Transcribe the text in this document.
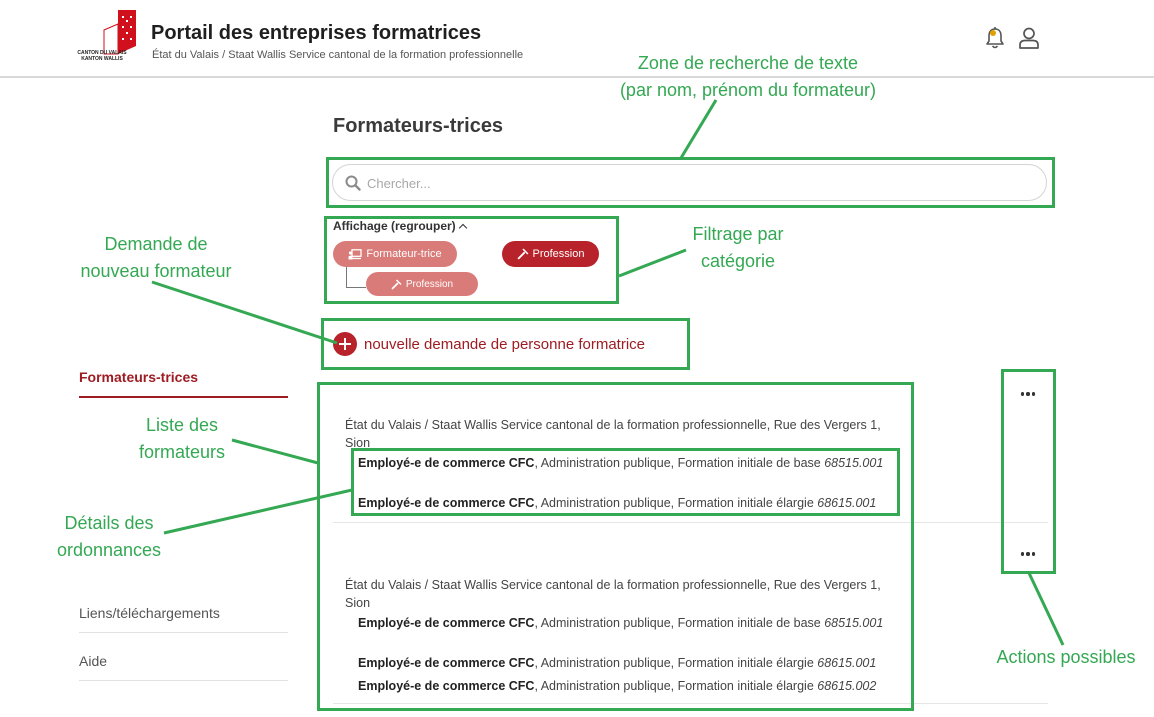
CANTON DU VALAIS KANTON WALLIS
Portail des entreprises formatrices
État du Valais / Staat Wallis Service cantonal de la formation professionnelle
Formateurs-trices
Chercher...
Affichage (regrouper)
Formateur-trice
Profession
Profession
nouvelle demande de personne formatrice
Formateurs-trices
Liens/téléchargements
Aide
État du Valais / Staat Wallis Service cantonal de la formation professionnelle, Rue des Vergers 1, Sion
Employé-e de commerce CFC, Administration publique, Formation initiale de base 68515.001
Employé-e de commerce CFC, Administration publique, Formation initiale élargie 68615.001
État du Valais / Staat Wallis Service cantonal de la formation professionnelle, Rue des Vergers 1, Sion
Employé-e de commerce CFC, Administration publique, Formation initiale de base 68515.001
Employé-e de commerce CFC, Administration publique, Formation initiale élargie 68615.001
Employé-e de commerce CFC, Administration publique, Formation initiale élargie 68615.002
Zone de recherche de texte
(par nom, prénom du formateur)
Filtrage par
catégorie
Demande de
nouveau formateur
Liste des
formateurs
Détails des
ordonnances
Actions possibles
